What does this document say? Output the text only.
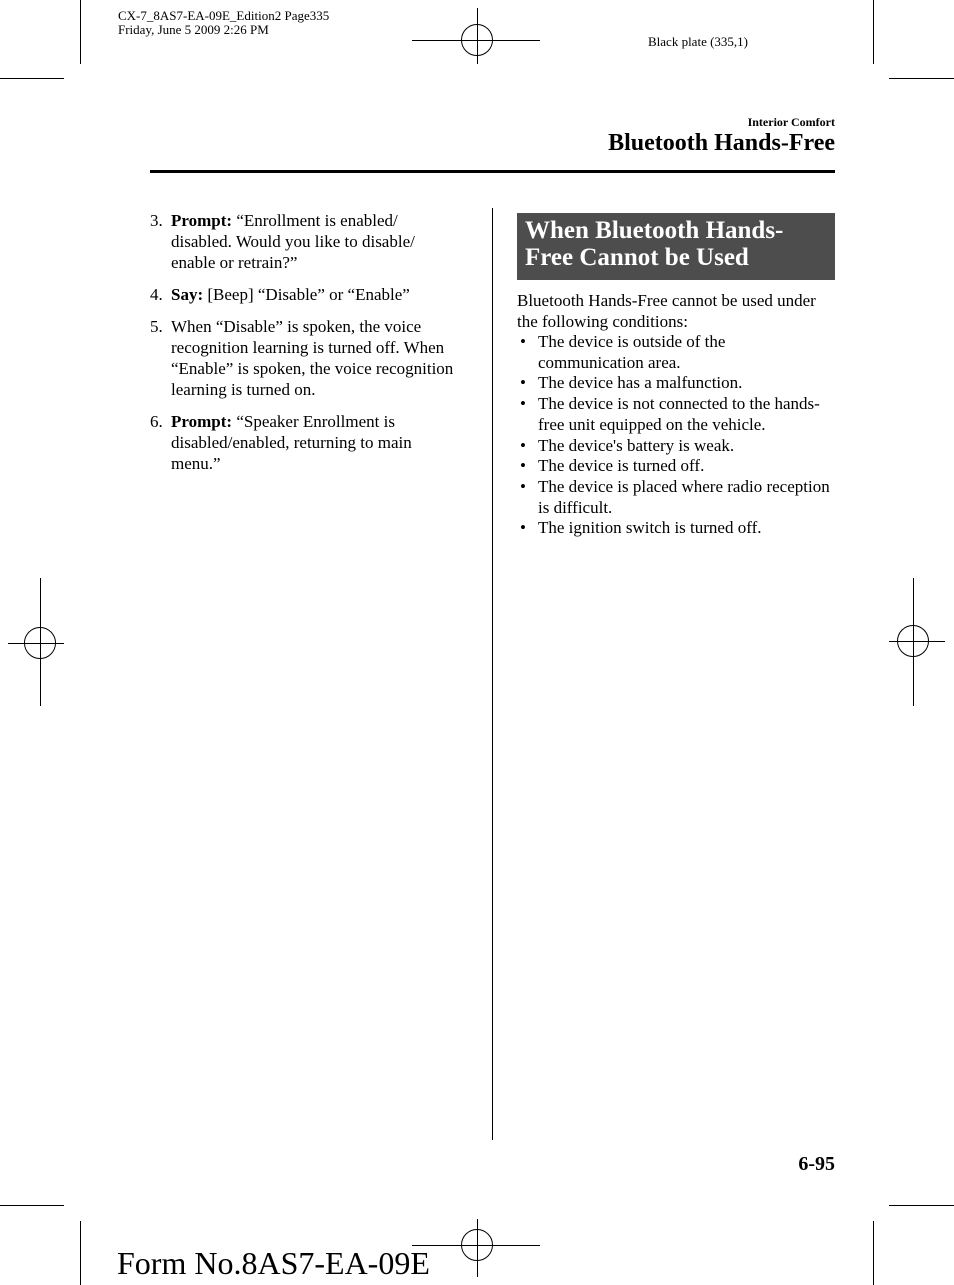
CX-7_8AS7-EA-09E_Edition2 Page335
Friday, June 5 2009 2:26 PM
Black plate (335,1)
Interior Comfort
Bluetooth Hands-Free
3. Prompt: “Enrollment is enabled/ disabled. Would you like to disable/ enable or retrain?”
4. Say: [Beep] “Disable” or “Enable”
5. When “Disable” is spoken, the voice recognition learning is turned off. When “Enable” is spoken, the voice recognition learning is turned on.
6. Prompt: “Speaker Enrollment is disabled/enabled, returning to main menu.”
When Bluetooth Hands-
Free Cannot be Used
Bluetooth Hands-Free cannot be used under the following conditions:
• The device is outside of the communication area.
• The device has a malfunction.
• The device is not connected to the hands-free unit equipped on the vehicle.
• The device's battery is weak.
• The device is turned off.
• The device is placed where radio reception is difficult.
• The ignition switch is turned off.
6-95
Form No.8AS7-EA-09E
